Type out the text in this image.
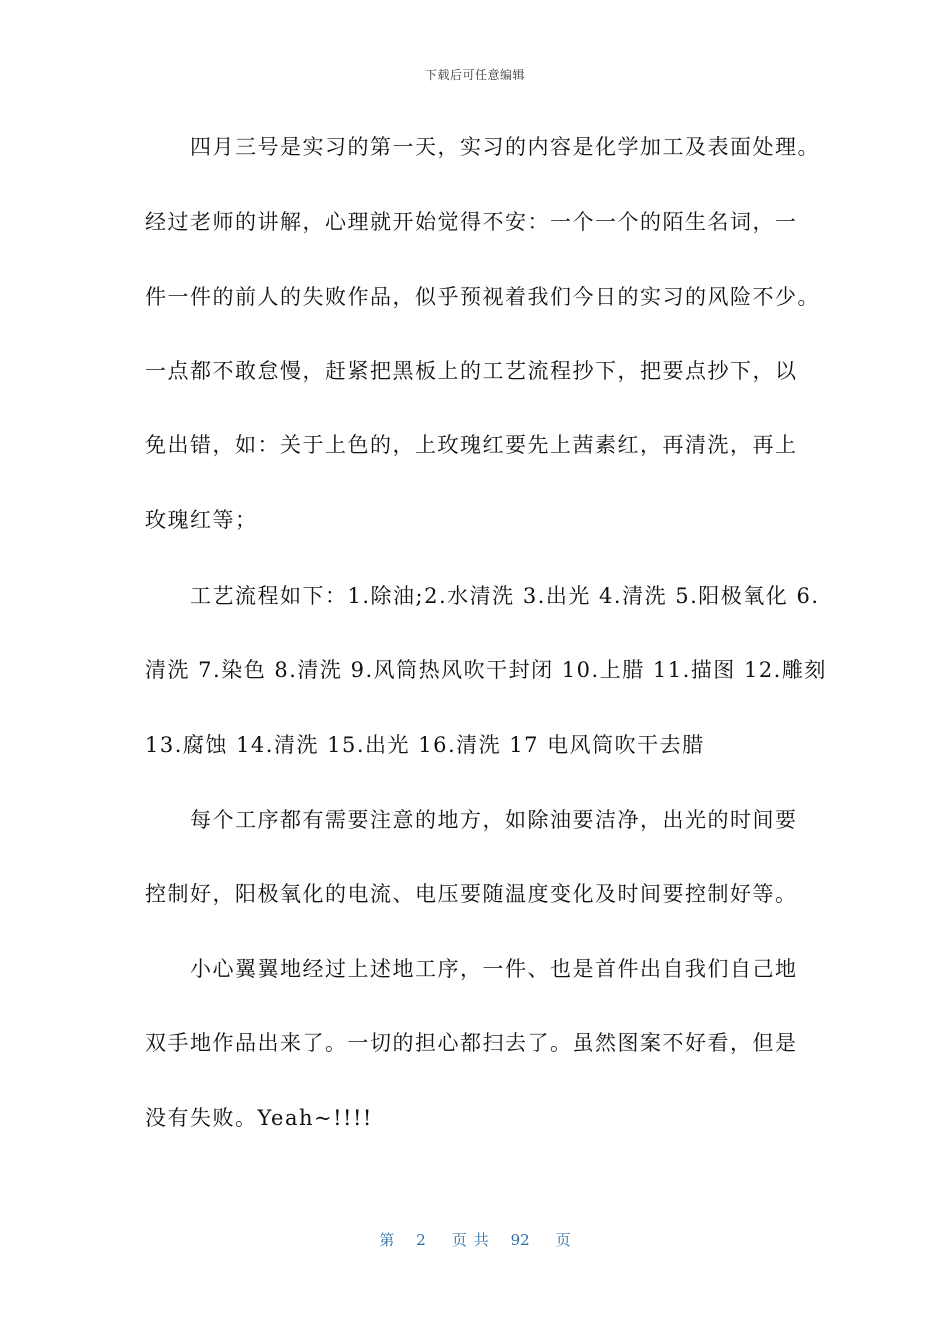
下载后可任意编辑
　　四月三号是实习的第一天，实习的内容是化学加工及表面处理。
经过老师的讲解，心理就开始觉得不安：一个一个的陌生名词，一
件一件的前人的失败作品，似乎预视着我们今日的实习的风险不少。
一点都不敢怠慢，赶紧把黑板上的工艺流程抄下，把要点抄下，以
免出错，如：关于上色的，上玫瑰红要先上茜素红，再清洗，再上
玫瑰红等；
　　工艺流程如下：1.除油;2.水清洗 3.出光 4.清洗 5.阳极氧化 6.
清洗 7.染色 8.清洗 9.风筒热风吹干封闭 10.上腊 11.描图 12.雕刻
13.腐蚀 14.清洗 15.出光 16.清洗 17 电风筒吹干去腊
　　每个工序都有需要注意的地方，如除油要洁净，出光的时间要
控制好，阳极氧化的电流、电压要随温度变化及时间要控制好等。
　　小心翼翼地经过上述地工序，一件、也是首件出自我们自己地
双手地作品出来了。一切的担心都扫去了。虽然图案不好看，但是
没有失败。Yeah~!!!!
第 2 页 共 92 页
